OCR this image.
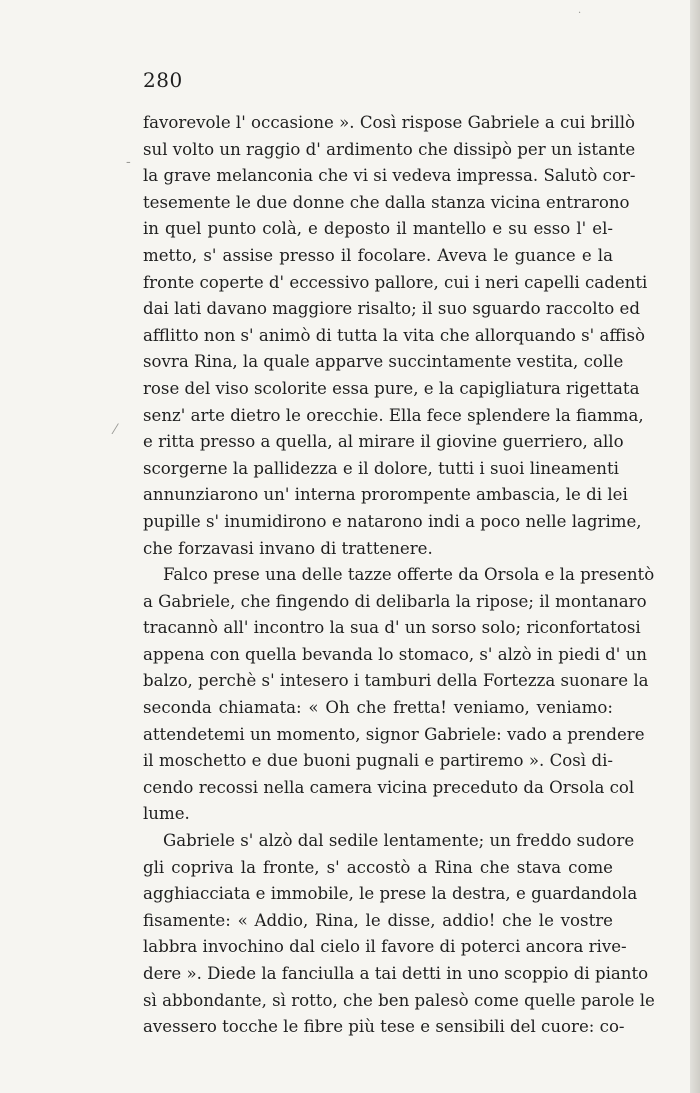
·
-
⁄
280
favorevole l' occasione ». Così rispose Gabriele a cui brillò
sul volto un raggio d' ardimento che dissipò per un istante
la grave melanconia che vi si vedeva impressa. Salutò cor-
tesemente le due donne che dalla stanza vicina entrarono
in quel punto colà, e deposto il mantello e su esso l' el-
metto, s' assise presso il focolare. Aveva le guance e la
fronte coperte d' eccessivo pallore, cui i neri capelli cadenti
dai lati davano maggiore risalto; il suo sguardo raccolto ed
afflitto non s' animò di tutta la vita che allorquando s' affisò
sovra Rina, la quale apparve succintamente vestita, colle
rose del viso scolorite essa pure, e la capigliatura rigettata
senz' arte dietro le orecchie. Ella fece splendere la fiamma,
e ritta presso a quella, al mirare il giovine guerriero, allo
scorgerne la pallidezza e il dolore, tutti i suoi lineamenti
annunziarono un' interna prorompente ambascia, le di lei
pupille s' inumidirono e natarono indi a poco nelle lagrime,
che forzavasi invano di trattenere.
Falco prese una delle tazze offerte da Orsola e la presentò
a Gabriele, che fingendo di delibarla la ripose; il montanaro
tracannò all' incontro la sua d' un sorso solo; riconfortatosi
appena con quella bevanda lo stomaco, s' alzò in piedi d' un
balzo, perchè s' intesero i tamburi della Fortezza suonare la
seconda chiamata: « Oh che fretta! veniamo, veniamo:
attendetemi un momento, signor Gabriele: vado a prendere
il moschetto e due buoni pugnali e partiremo ». Così di-
cendo recossi nella camera vicina preceduto da Orsola col
lume.
Gabriele s' alzò dal sedile lentamente; un freddo sudore
gli copriva la fronte, s' accostò a Rina che stava come
agghiacciata e immobile, le prese la destra, e guardandola
fisamente: « Addio, Rina, le disse, addio! che le vostre
labbra invochino dal cielo il favore di poterci ancora rive-
dere ». Diede la fanciulla a tai detti in uno scoppio di pianto
sì abbondante, sì rotto, che ben palesò come quelle parole le
avessero tocche le fibre più tese e sensibili del cuore: co-
